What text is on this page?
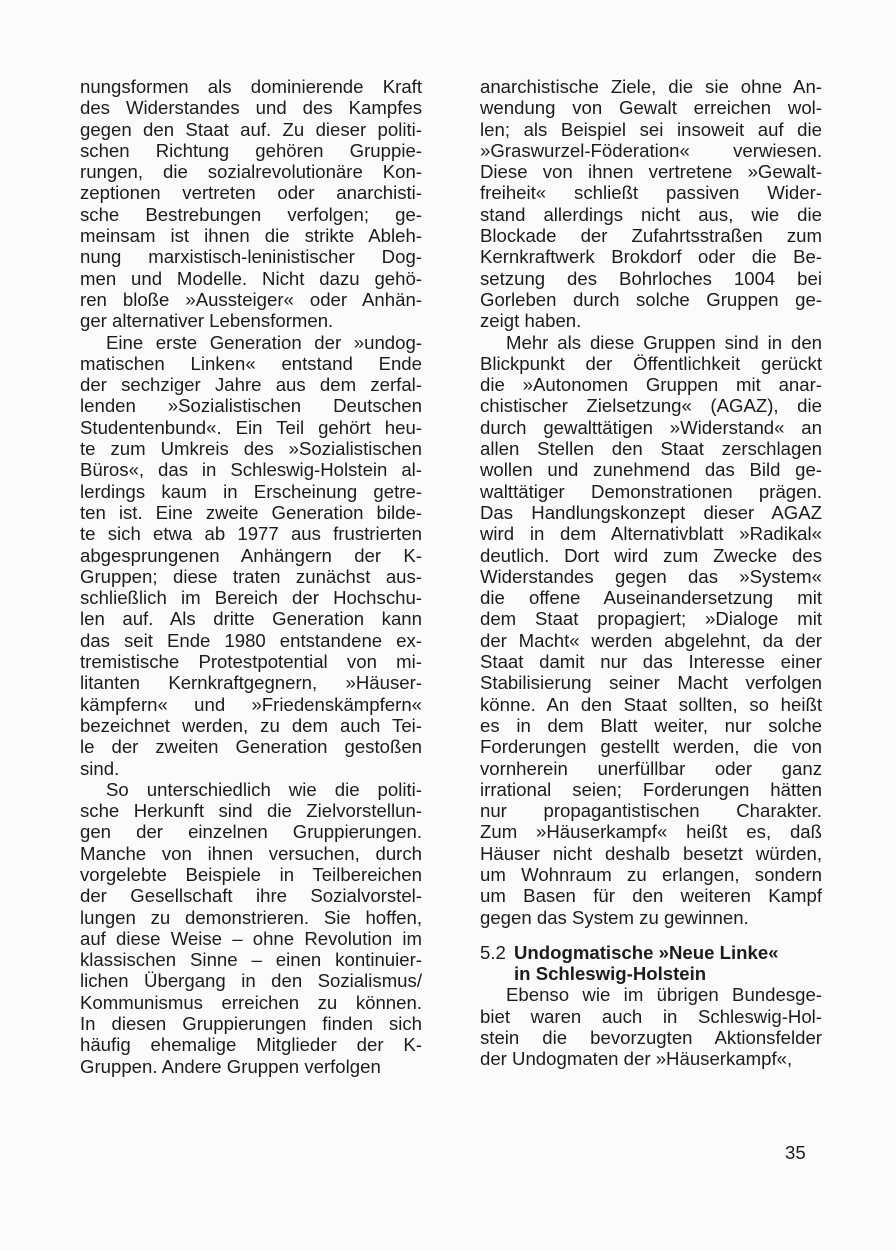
nungsformen als dominierende Kraft
des Widerstandes und des Kampfes
gegen den Staat auf. Zu dieser politi-
schen Richtung gehören Gruppie-
rungen, die sozialrevolutionäre Kon-
zeptionen vertreten oder anarchisti-
sche Bestrebungen verfolgen; ge-
meinsam ist ihnen die strikte Ableh-
nung marxistisch-leninistischer Dog-
men und Modelle. Nicht dazu gehö-
ren bloße »Aussteiger« oder Anhän-
ger alternativer Lebensformen.
Eine erste Generation der »undog-
matischen Linken« entstand Ende
der sechziger Jahre aus dem zerfal-
lenden »Sozialistischen Deutschen
Studentenbund«. Ein Teil gehört heu-
te zum Umkreis des »Sozialistischen
Büros«, das in Schleswig-Holstein al-
lerdings kaum in Erscheinung getre-
ten ist. Eine zweite Generation bilde-
te sich etwa ab 1977 aus frustrierten
abgesprungenen Anhängern der K-
Gruppen; diese traten zunächst aus-
schließlich im Bereich der Hochschu-
len auf. Als dritte Generation kann
das seit Ende 1980 entstandene ex-
tremistische Protestpotential von mi-
litanten Kernkraftgegnern, »Häuser-
kämpfern« und »Friedenskämpfern«
bezeichnet werden, zu dem auch Tei-
le der zweiten Generation gestoßen
sind.
So unterschiedlich wie die politi-
sche Herkunft sind die Zielvorstellun-
gen der einzelnen Gruppierungen.
Manche von ihnen versuchen, durch
vorgelebte Beispiele in Teilbereichen
der Gesellschaft ihre Sozialvorstel-
lungen zu demonstrieren. Sie hoffen,
auf diese Weise – ohne Revolution im
klassischen Sinne – einen kontinuier-
lichen Übergang in den Sozialismus/
Kommunismus erreichen zu können.
In diesen Gruppierungen finden sich
häufig ehemalige Mitglieder der K-
Gruppen. Andere Gruppen verfolgen
anarchistische Ziele, die sie ohne An-
wendung von Gewalt erreichen wol-
len; als Beispiel sei insoweit auf die
»Graswurzel-Föderation« verwiesen.
Diese von ihnen vertretene »Gewalt-
freiheit« schließt passiven Wider-
stand allerdings nicht aus, wie die
Blockade der Zufahrtsstraßen zum
Kernkraftwerk Brokdorf oder die Be-
setzung des Bohrloches 1004 bei
Gorleben durch solche Gruppen ge-
zeigt haben.
Mehr als diese Gruppen sind in den
Blickpunkt der Öffentlichkeit gerückt
die »Autonomen Gruppen mit anar-
chistischer Zielsetzung« (AGAZ), die
durch gewalttätigen »Widerstand« an
allen Stellen den Staat zerschlagen
wollen und zunehmend das Bild ge-
walttätiger Demonstrationen prägen.
Das Handlungskonzept dieser AGAZ
wird in dem Alternativblatt »Radikal«
deutlich. Dort wird zum Zwecke des
Widerstandes gegen das »System«
die offene Auseinandersetzung mit
dem Staat propagiert; »Dialoge mit
der Macht« werden abgelehnt, da der
Staat damit nur das Interesse einer
Stabilisierung seiner Macht verfolgen
könne. An den Staat sollten, so heißt
es in dem Blatt weiter, nur solche
Forderungen gestellt werden, die von
vornherein unerfüllbar oder ganz
irrational seien; Forderungen hätten
nur propagantistischen Charakter.
Zum »Häuserkampf« heißt es, daß
Häuser nicht deshalb besetzt würden,
um Wohnraum zu erlangen, sondern
um Basen für den weiteren Kampf
gegen das System zu gewinnen.
5.2 Undogmatische »Neue Linke«
in Schleswig-Holstein
Ebenso wie im übrigen Bundesge-
biet waren auch in Schleswig-Hol-
stein die bevorzugten Aktionsfelder
der Undogmaten der »Häuserkampf«,
35
